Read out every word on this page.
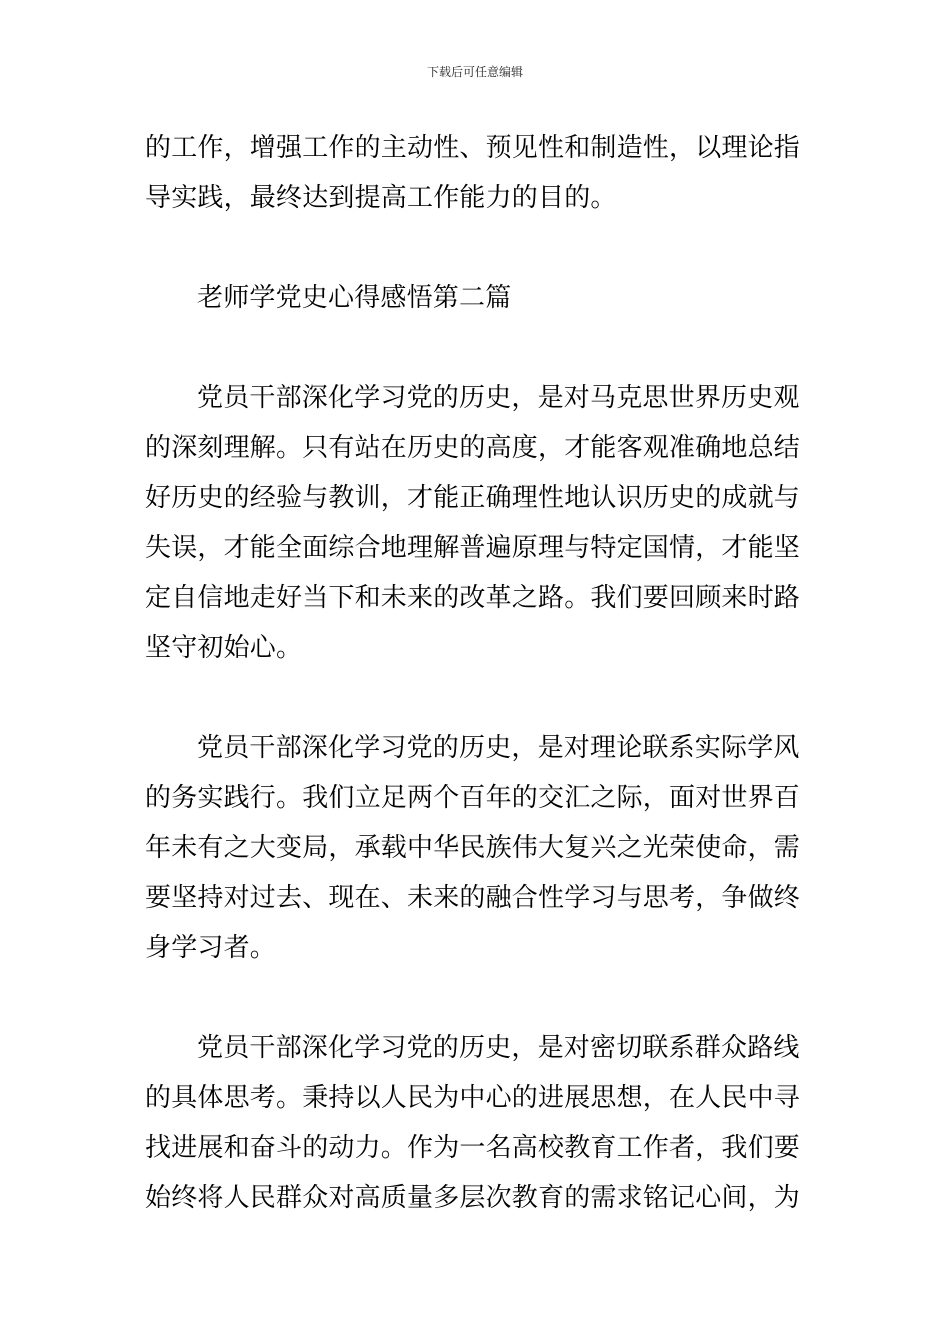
下载后可任意编辑
的工作，增强工作的主动性、预见性和制造性，以理论指
导实践，最终达到提高工作能力的目的。
老师学党史心得感悟第二篇
党员干部深化学习党的历史，是对马克思世界历史观
的深刻理解。只有站在历史的高度，才能客观准确地总结
好历史的经验与教训，才能正确理性地认识历史的成就与
失误，才能全面综合地理解普遍原理与特定国情，才能坚
定自信地走好当下和未来的改革之路。我们要回顾来时路
坚守初始心。
党员干部深化学习党的历史，是对理论联系实际学风
的务实践行。我们立足两个百年的交汇之际，面对世界百
年未有之大变局，承载中华民族伟大复兴之光荣使命，需
要坚持对过去、现在、未来的融合性学习与思考，争做终
身学习者。
党员干部深化学习党的历史，是对密切联系群众路线
的具体思考。秉持以人民为中心的进展思想，在人民中寻
找进展和奋斗的动力。作为一名高校教育工作者，我们要
始终将人民群众对高质量多层次教育的需求铭记心间，为
